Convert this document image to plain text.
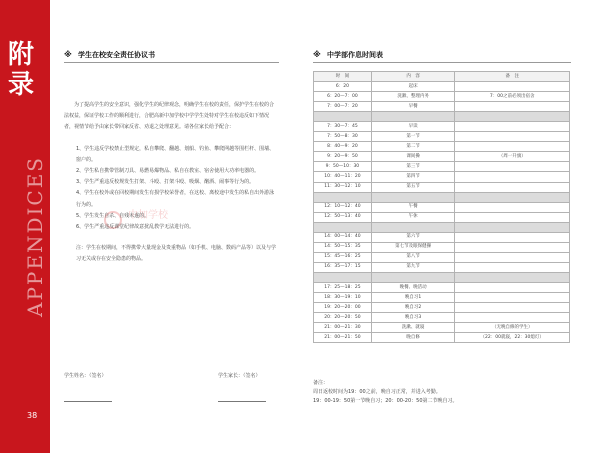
附
录
APPENDICES
38
※ 学生在校安全责任协议书
中加学校

为了提高学生的安全意识，强化学生的纪律观念，明确学生在校的责任，保护学生在校的合法权益，保证学校工作的顺利进行，合肥高新中加学校中学学生处特对学生在校违反如下情况者，视情节给予由家长带回家反省、劝退之处理意见。请各位家长给予配合：

1、学生违反学校禁止型规定，私自攀爬、翻越、划船、钓鱼、攀爬网越等围栏杆、围墙、窗户的。

2、学生私自携带管制刀具、易燃易爆物品、私自在教室、宿舍使用大功率电器的。

3、学生严重违反校规发生打架、斗殴、打架斗殴、吸烟、酗酒、闹事等行为的。

4、学生在校外或在回校期间发生有损学校荣誉者，在这校、离校途中发生的私自出外游泳行为的。

5、学生发生自杀、自残未遂的。

6、学生严重违反课堂纪律故意扰乱教学无法进行的。

注：学生在校期间，不得携带大量现金及贵重物品（如手机、电脑、数码产品等）以及与学习无关或存在安全隐患的物品。

学生姓名：（签名）	学生家长：（签名）
※ 中学部作息时间表
时　间	内　容	备　注
6：20	起床	
6：20—7：00	洗漱、整理内务	7：00之前必须出宿舍
7：00—7：20	早餐	

7：30—7：45	早读	
7：50—8：30	第一节	
8：40—9：20	第二节	
9：20—9：50	课间操	（周一升旗）
9：50—10：30	第三节	
10：40—11：20	第四节	
11：30—12：10	第五节	

12：10—12：40	午餐	
12：50—13：40	午休	

14：00—14：40	第六节	
14：50—15：35	第七节及眼保健操	
15：45—16：25	第八节	
16：35—17：15	第九节	

17：25—18：25	晚餐、晚活动	
18：30—19：10	晚自习1	
19：20—20：00	晚自习2	
20：20—20：50	晚自习3	
21：00—21：30	洗漱、就寝	（无晚自修的学生）
21：00—21：50	晚自修	（22：00就寝，22：30熄灯）

备注：

周日返校时间为19：00之前，晚自习正常，并进入考勤。

19：00-19：50第一节晚自习；20：00-20：50第二节晚自习。
